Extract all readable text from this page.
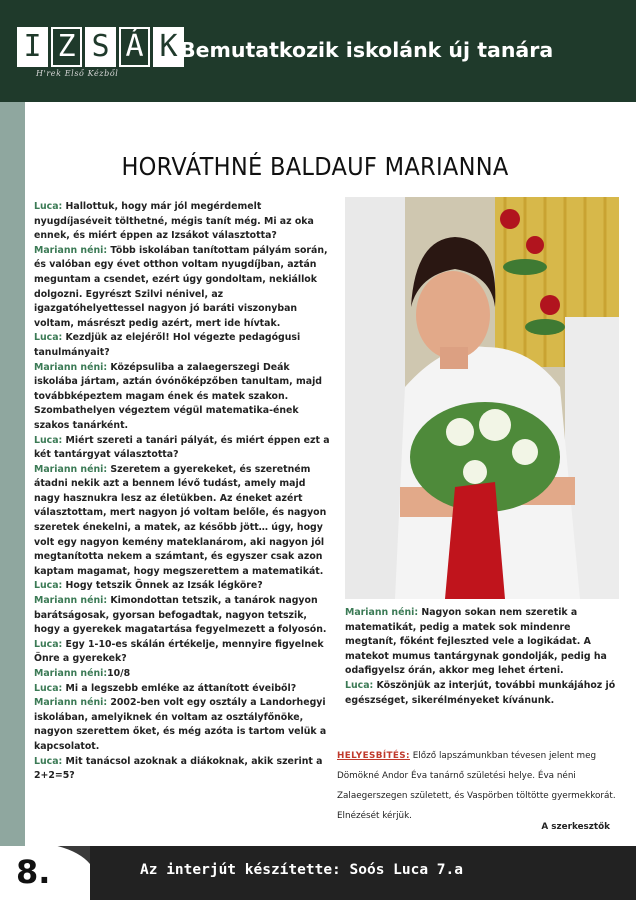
I Z S Á K
H'rek Első Kézből
Bemutatkozik iskolánk új tanára
HORVÁTHNÉ BALDAUF MARIANNA

Luca: Hallottuk, hogy már jól megérdemelt nyugdíjaséveit tölthetné, mégis tanít még. Mi az oka ennek, és miért éppen az Izsákot választotta?

Mariann néni: Több iskolában tanítottam pályám során, és valóban egy évet otthon voltam nyugdíjban, aztán meguntam a csendet, ezért úgy gondoltam, nekiállok dolgozni. Egyrészt Szilvi nénivel, az igazgatóhelyettessel nagyon jó baráti viszonyban voltam, másrészt pedig azért, mert ide hívtak.

Luca: Kezdjük az elejéről! Hol végezte pedagógusi tanulmányait?

Mariann néni: Középsuliba a zalaegerszegi Deák iskolába jártam, aztán óvónőképzőben tanultam, majd továbbképeztem magam ének és matek szakon. Szombathelyen végeztem végül matematika-ének szakos tanárként.

Luca: Miért szereti a tanári pályát, és miért éppen ezt a két tantárgyat választotta?

Mariann néni: Szeretem a gyerekeket, és szeretném átadni nekik azt a bennem lévő tudást, amely majd nagy hasznukra lesz az életükben. Az éneket azért választottam, mert nagyon jó voltam belőle, és nagyon szeretek énekelni, a matek, az később jött… úgy, hogy volt egy nagyon kemény mateklanárom, aki nagyon jól megtanította nekem a számtant, és egyszer csak azon kaptam magamat, hogy megszerettem a matematikát.

Luca: Hogy tetszik Önnek az Izsák légköre?

Mariann néni: Kimondottan tetszik, a tanárok nagyon barátságosak, gyorsan befogadtak, nagyon tetszik, hogy a gyerekek magatartása fegyelmezett a folyosón.

Luca: Egy 1-10-es skálán értékelje, mennyire figyelnek Önre a gyerekek?

Mariann néni:10/8

Luca: Mi a legszebb emléke az áttanított éveiből?

Mariann néni: 2002-ben volt egy osztály a Landorhegyi iskolában, amelyiknek én voltam az osztályfőnöke, nagyon szerettem őket, és még azóta is tartom velük a kapcsolatot.

Luca: Mit tanácsol azoknak a diákoknak, akik szerint a 2+2=5?

Mariann néni: Nagyon sokan nem szeretik a matematikát, pedig a matek sok mindenre megtanít, főként fejleszted vele a logikádat. A matekot mumus tantárgynak gondolják, pedig ha odafigyelsz órán, akkor meg lehet érteni.

Luca: Köszönjük az interjút, további munkájához jó egészséget, sikerélményeket kívánunk.

HELYESBÍTÉS: Előző lapszámunkban tévesen jelent meg Dömökné Andor Éva tanárnő születési helye. Éva néni Zalaegerszegen született, és Vaspörben töltötte gyermekkorát. Elnézését kérjük.
A szerkesztők
8.	Az interjút készítette: Soós Luca 7.a
